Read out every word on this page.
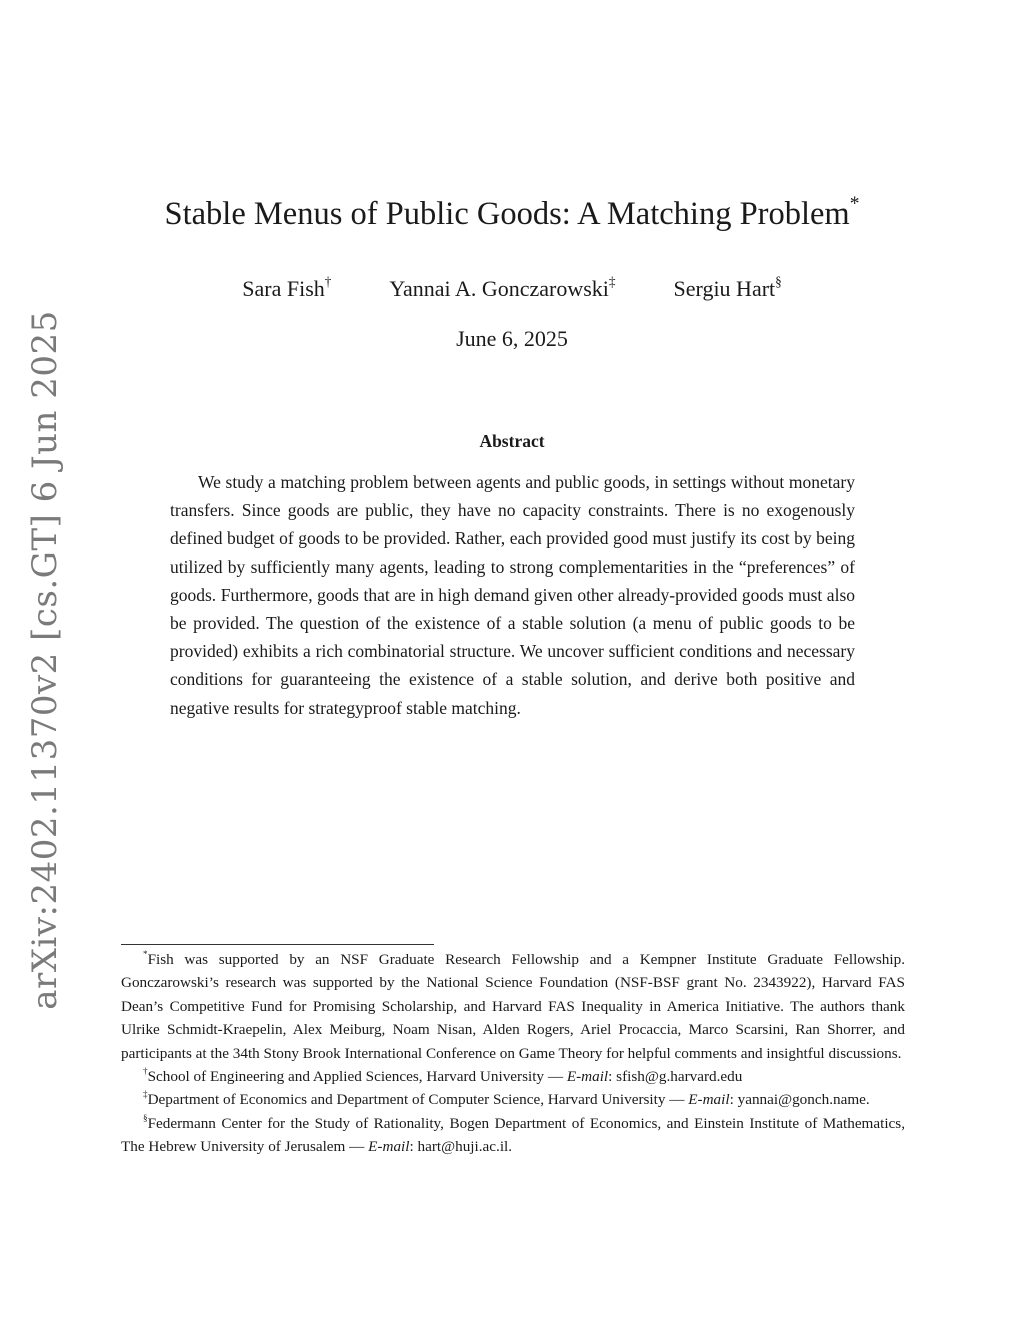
arXiv:2402.11370v2 [cs.GT] 6 Jun 2025
Stable Menus of Public Goods: A Matching Problem*
Sara Fish†	Yannai A. Gonczarowski‡	Sergiu Hart§
June 6, 2025
Abstract
We study a matching problem between agents and public goods, in settings without monetary transfers. Since goods are public, they have no capacity constraints. There is no exogenously defined budget of goods to be provided. Rather, each provided good must justify its cost by being utilized by sufficiently many agents, leading to strong complementarities in the “preferences” of goods. Furthermore, goods that are in high demand given other already-provided goods must also be provided. The question of the existence of a stable solution (a menu of public goods to be provided) exhibits a rich combinatorial structure. We uncover sufficient conditions and necessary conditions for guaranteeing the existence of a stable solution, and derive both positive and negative results for strategyproof stable matching.

*Fish was supported by an NSF Graduate Research Fellowship and a Kempner Institute Graduate Fellowship. Gonczarowski’s research was supported by the National Science Foundation (NSF-BSF grant No. 2343922), Harvard FAS Dean’s Competitive Fund for Promising Scholarship, and Harvard FAS Inequality in America Initiative. The authors thank Ulrike Schmidt-Kraepelin, Alex Meiburg, Noam Nisan, Alden Rogers, Ariel Procaccia, Marco Scarsini, Ran Shorrer, and participants at the 34th Stony Brook International Conference on Game Theory for helpful comments and insightful discussions.

†School of Engineering and Applied Sciences, Harvard University — E-mail: sfish@g.harvard.edu

‡Department of Economics and Department of Computer Science, Harvard University — E-mail: yannai@gonch.name.

§Federmann Center for the Study of Rationality, Bogen Department of Economics, and Einstein Institute of Mathematics, The Hebrew University of Jerusalem — E-mail: hart@huji.ac.il.
